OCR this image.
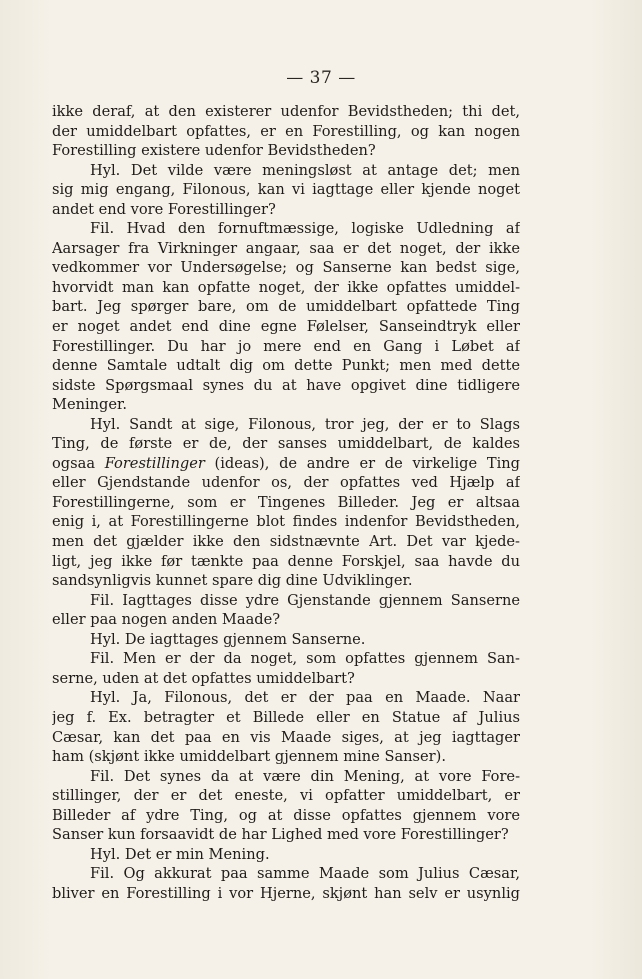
— 37 —
ikke deraf, at den existerer udenfor Bevidstheden; thi det,
der umiddelbart opfattes, er en Forestilling, og kan nogen
Forestilling existere udenfor Bevidstheden?
Hyl. Det vilde være meningsløst at antage det; men
sig mig engang, Filonous, kan vi iagttage eller kjende noget
andet end vore Forestillinger?
Fil. Hvad den fornuftmæssige, logiske Udledning af
Aarsager fra Virkninger angaar, saa er det noget, der ikke
vedkommer vor Undersøgelse; og Sanserne kan bedst sige,
hvorvidt man kan opfatte noget, der ikke opfattes umiddel-
bart. Jeg spørger bare, om de umiddelbart opfattede Ting
er noget andet end dine egne Følelser, Sanseindtryk eller
Forestillinger. Du har jo mere end en Gang i Løbet af
denne Samtale udtalt dig om dette Punkt; men med dette
sidste Spørgsmaal synes du at have opgivet dine tidligere
Meninger.
Hyl. Sandt at sige, Filonous, tror jeg, der er to Slags
Ting, de første er de, der sanses umiddelbart, de kaldes
ogsaa Forestillinger (ideas), de andre er de virkelige Ting
eller Gjendstande udenfor os, der opfattes ved Hjælp af
Forestillingerne, som er Tingenes Billeder. Jeg er altsaa
enig i, at Forestillingerne blot findes indenfor Bevidstheden,
men det gjælder ikke den sidstnævnte Art. Det var kjede-
ligt, jeg ikke før tænkte paa denne Forskjel, saa havde du
sandsynligvis kunnet spare dig dine Udviklinger.
Fil. Iagttages disse ydre Gjenstande gjennem Sanserne
eller paa nogen anden Maade?
Hyl. De iagttages gjennem Sanserne.
Fil. Men er der da noget, som opfattes gjennem San-
serne, uden at det opfattes umiddelbart?
Hyl. Ja, Filonous, det er der paa en Maade. Naar
jeg f. Ex. betragter et Billede eller en Statue af Julius
Cæsar, kan det paa en vis Maade siges, at jeg iagttager
ham (skjønt ikke umiddelbart gjennem mine Sanser).
Fil. Det synes da at være din Mening, at vore Fore-
stillinger, der er det eneste, vi opfatter umiddelbart, er
Billeder af ydre Ting, og at disse opfattes gjennem vore
Sanser kun forsaavidt de har Lighed med vore Forestillinger?
Hyl. Det er min Mening.
Fil. Og akkurat paa samme Maade som Julius Cæsar,
bliver en Forestilling i vor Hjerne, skjønt han selv er usynlig
